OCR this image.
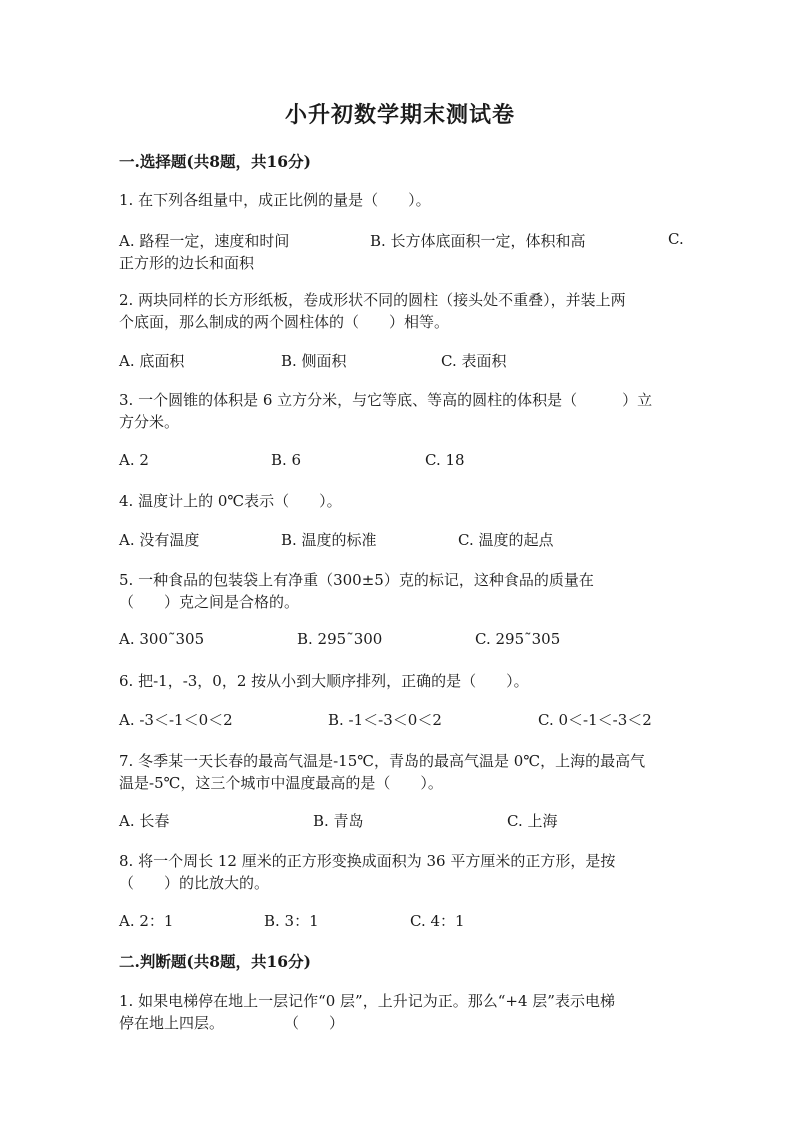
小升初数学期末测试卷
一.选择题(共8题，共16分)
1. 在下列各组量中，成正比例的量是（　　）。
A. 路程一定，速度和时间	B. 长方体底面积一定，体积和高	C.
正方形的边长和面积
2. 两块同样的长方形纸板，卷成形状不同的圆柱（接头处不重叠），并装上两
个底面，那么制成的两个圆柱体的（　　）相等。
A. 底面积	B. 侧面积	C. 表面积
3. 一个圆锥的体积是 6 立方分米，与它等底、等高的圆柱的体积是（　　　）立
方分米。
A. 2	B. 6	C. 18
4. 温度计上的 0℃表示（　　）。
A. 没有温度	B. 温度的标准	C. 温度的起点
5. 一种食品的包装袋上有净重（300±5）克的标记，这种食品的质量在
（　　）克之间是合格的。
A. 300˜305	B. 295˜300	C. 295˜305
6. 把-1，-3，0，2 按从小到大顺序排列，正确的是（　　）。
A. -3＜-1＜0＜2	B. -1＜-3＜0＜2	C. 0＜-1＜-3＜2
7. 冬季某一天长春的最高气温是-15℃，青岛的最高气温是 0℃，上海的最高气
温是-5℃，这三个城市中温度最高的是（　　）。
A. 长春	B. 青岛	C. 上海
8. 将一个周长 12 厘米的正方形变换成面积为 36 平方厘米的正方形，是按
（　　）的比放大的。
A. 2：1	B. 3：1	C. 4：1
二.判断题(共8题，共16分)
1. 如果电梯停在地上一层记作“0 层”，上升记为正。那么“+4 层”表示电梯
停在地上四层。　　　　　（　　）
